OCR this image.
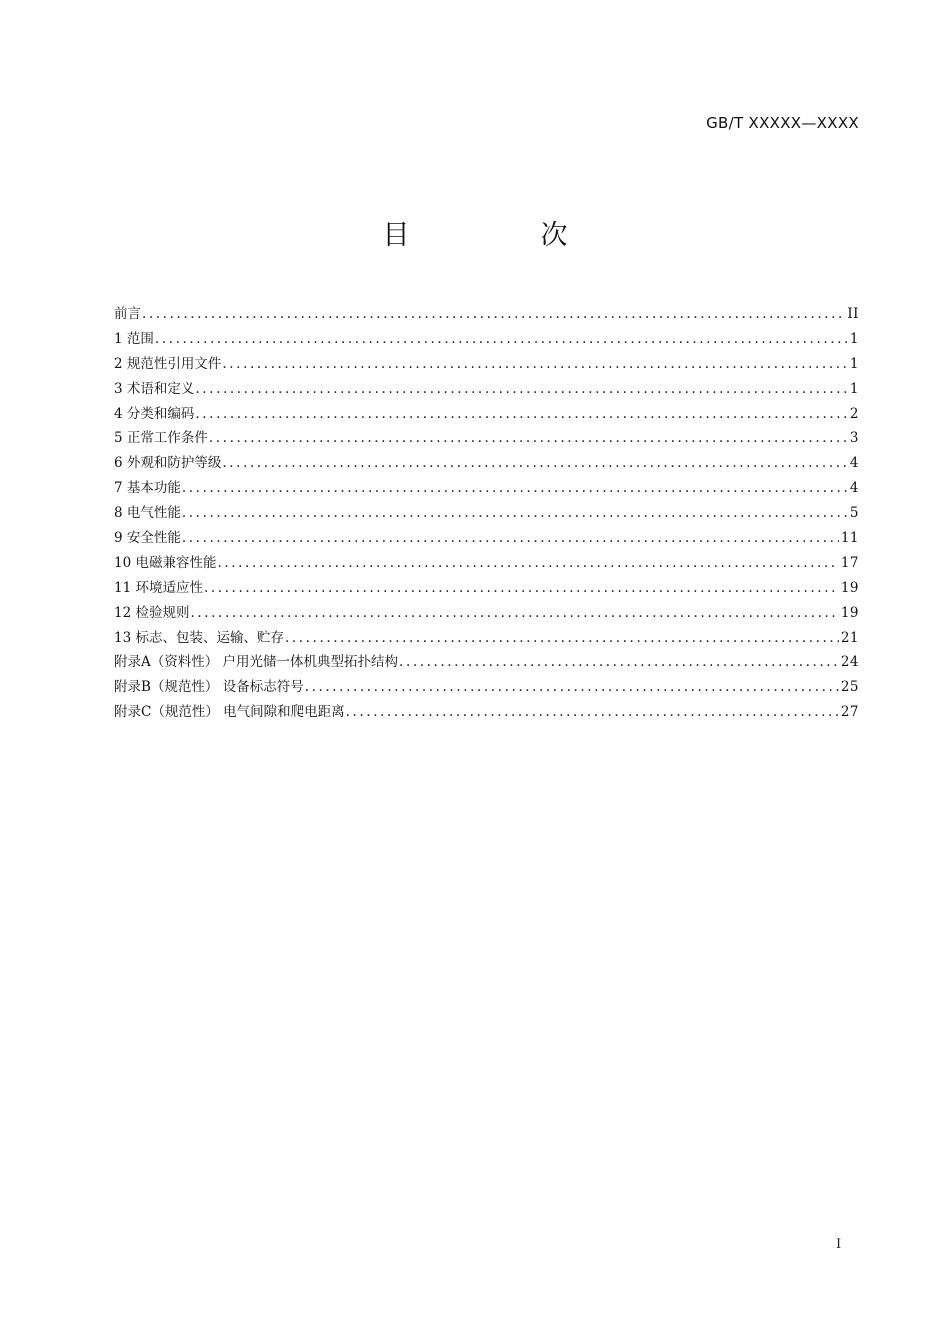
GB/T XXXXX—XXXX
目　次
前言 .....	II
1 范围 .....	1
2 规范性引用文件 .....	1
3 术语和定义 .....	1
4 分类和编码 .....	2
5 正常工作条件 .....	3
6 外观和防护等级 .....	4
7 基本功能 .....	4
8 电气性能 .....	5
9 安全性能 .....	11
10 电磁兼容性能 .....	17
11 环境适应性 .....	19
12 检验规则 .....	19
13 标志、包装、运输、贮存 .....	21
附录A（资料性） 户用光储一体机典型拓扑结构 .....	24
附录B（规范性） 设备标志符号 .....	25
附录C（规范性） 电气间隙和爬电距离 .....	27
I
